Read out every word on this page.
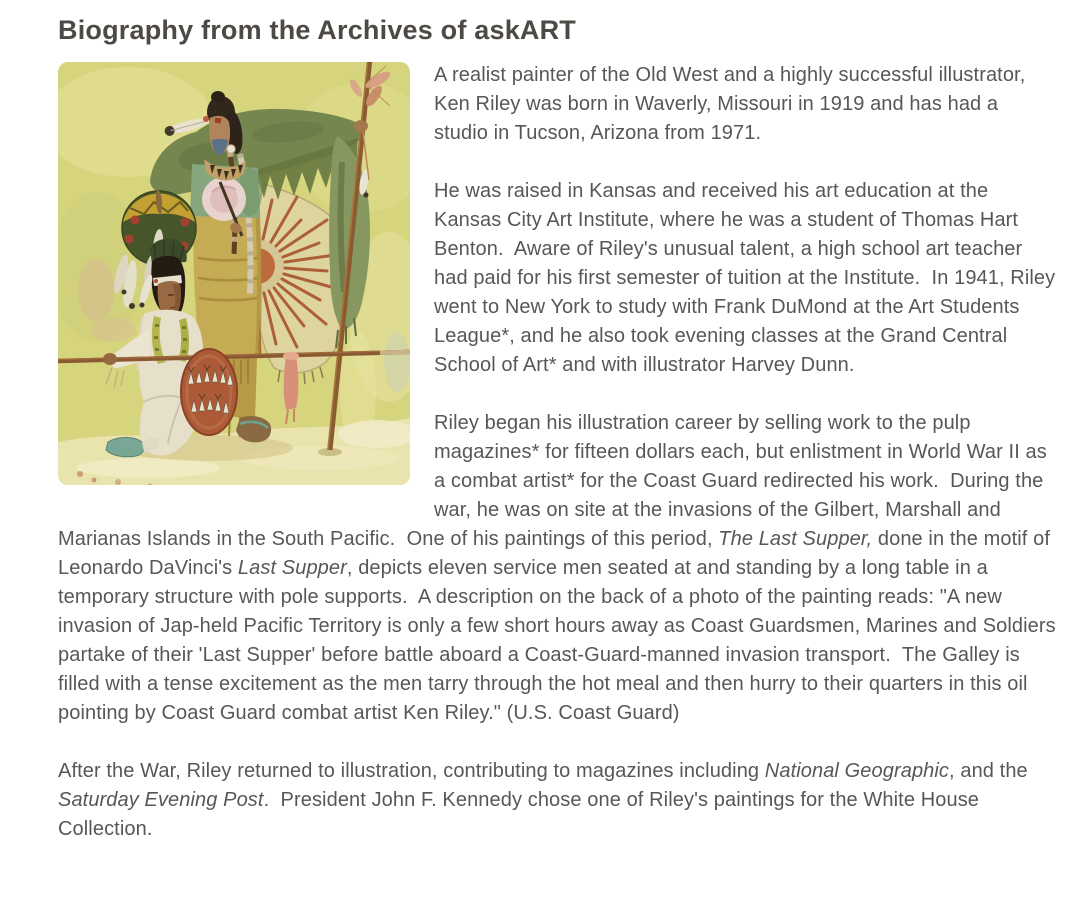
Biography from the Archives of askART

A realist painter of the Old West and a highly successful illustrator, Ken Riley was born in Waverly, Missouri in 1919 and has had a studio in Tucson, Arizona from 1971.

He was raised in Kansas and received his art education at the Kansas City Art Institute, where he was a student of Thomas Hart Benton.  Aware of Riley's unusual talent, a high school art teacher had paid for his first semester of tuition at the Institute.  In 1941, Riley went to New York to study with Frank DuMond at the Art Students League*, and he also took evening classes at the Grand Central School of Art* and with illustrator Harvey Dunn.

Riley began his illustration career by selling work to the pulp magazines* for fifteen dollars each, but enlistment in World War II as a combat artist* for the Coast Guard redirected his work.  During the war, he was on site at the invasions of the Gilbert, Marshall and Marianas Islands in the South Pacific.  One of his paintings of this period, The Last Supper, done in the motif of Leonardo DaVinci's Last Supper, depicts eleven service men seated at and standing by a long table in a temporary structure with pole supports.  A description on the back of a photo of the painting reads: "A new invasion of Jap-held Pacific Territory is only a few short hours away as Coast Guardsmen, Marines and Soldiers partake of their 'Last Supper' before battle aboard a Coast-Guard-manned invasion transport.  The Galley is filled with a tense excitement as the men tarry through the hot meal and then hurry to their quarters in this oil pointing by Coast Guard combat artist Ken Riley." (U.S. Coast Guard)

After the War, Riley returned to illustration, contributing to magazines including National Geographic, and the Saturday Evening Post.  President John F. Kennedy chose one of Riley's paintings for the White House Collection.
